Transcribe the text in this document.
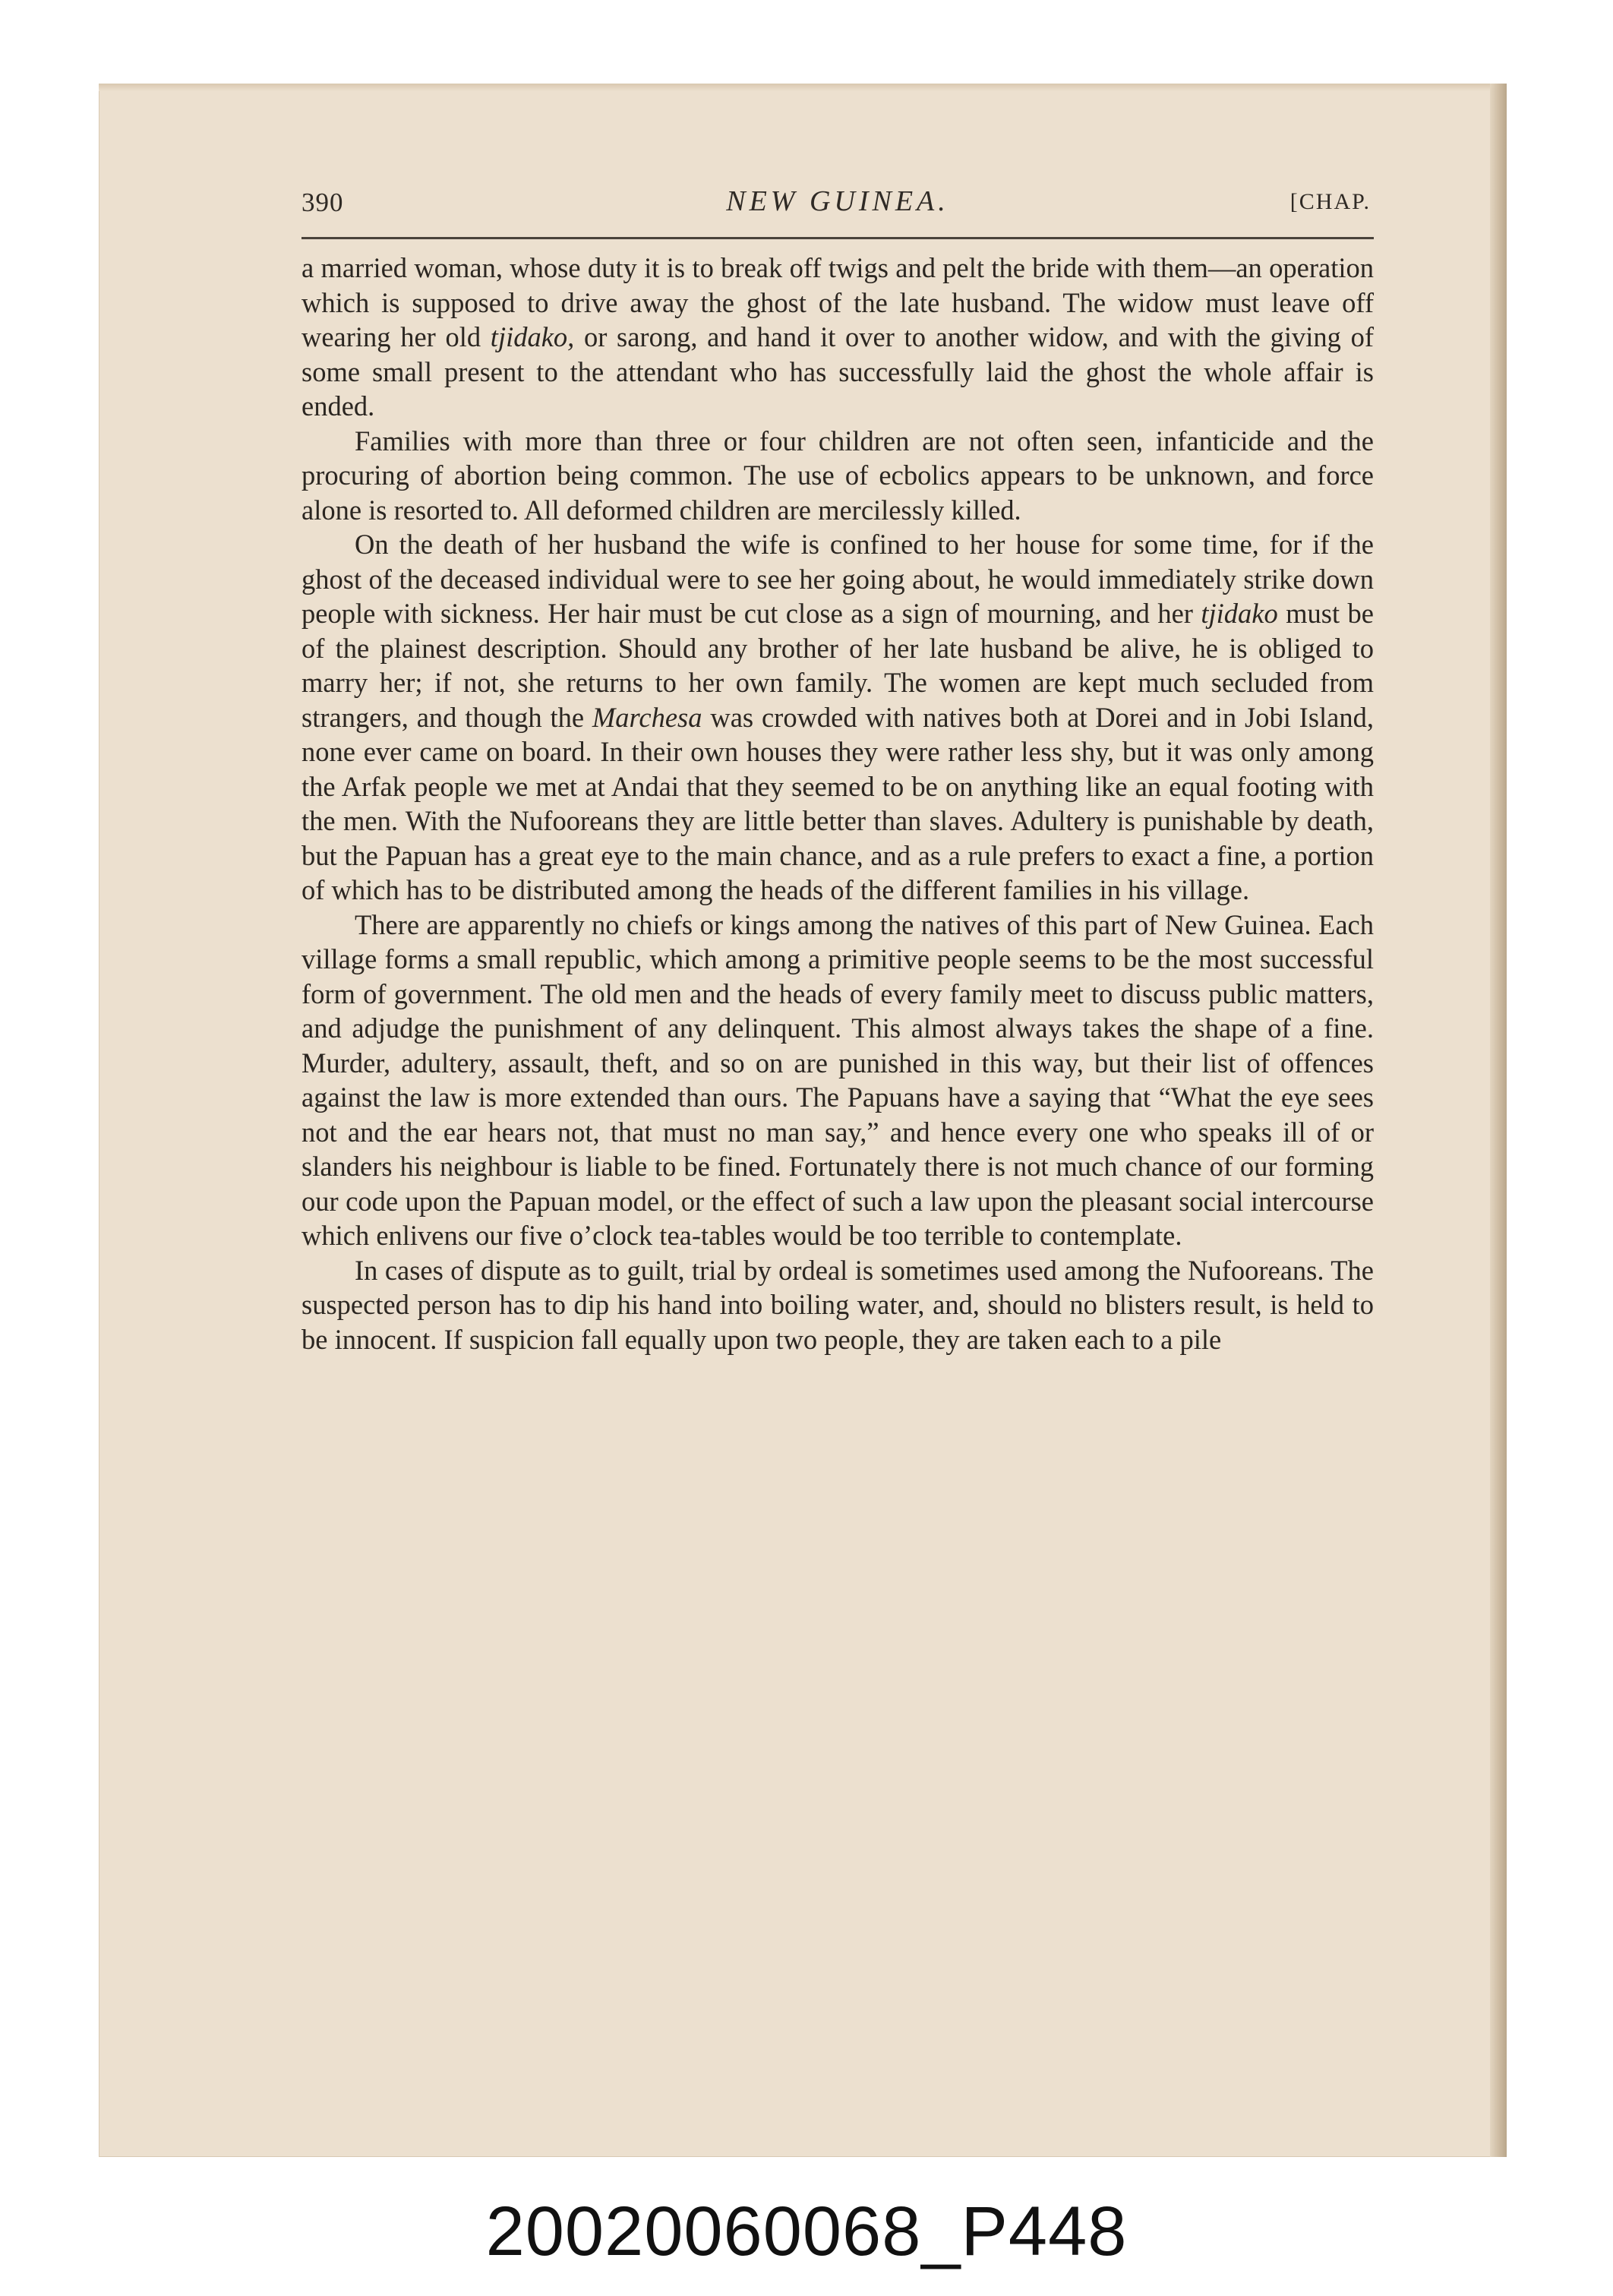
390	NEW GUINEA.	[CHAP.

a married woman, whose duty it is to break off twigs and pelt the bride with them—an operation which is supposed to drive away the ghost of the late husband. The widow must leave off wearing her old tjidako, or sarong, and hand it over to another widow, and with the giving of some small present to the attendant who has successfully laid the ghost the whole affair is ended.

Families with more than three or four children are not often seen, infanticide and the procuring of abortion being common. The use of ecbolics appears to be unknown, and force alone is resorted to. All deformed children are mercilessly killed.

On the death of her husband the wife is confined to her house for some time, for if the ghost of the deceased individual were to see her going about, he would immediately strike down people with sickness. Her hair must be cut close as a sign of mourning, and her tjidako must be of the plainest description. Should any brother of her late husband be alive, he is obliged to marry her; if not, she returns to her own family. The women are kept much secluded from strangers, and though the Marchesa was crowded with natives both at Dorei and in Jobi Island, none ever came on board. In their own houses they were rather less shy, but it was only among the Arfak people we met at Andai that they seemed to be on anything like an equal footing with the men. With the Nufooreans they are little better than slaves. Adultery is punishable by death, but the Papuan has a great eye to the main chance, and as a rule prefers to exact a fine, a portion of which has to be distributed among the heads of the different families in his village.

There are apparently no chiefs or kings among the natives of this part of New Guinea. Each village forms a small republic, which among a primitive people seems to be the most successful form of government. The old men and the heads of every family meet to discuss public matters, and adjudge the punishment of any delinquent. This almost always takes the shape of a fine. Murder, adultery, assault, theft, and so on are punished in this way, but their list of offences against the law is more extended than ours. The Papuans have a saying that “What the eye sees not and the ear hears not, that must no man say,” and hence every one who speaks ill of or slanders his neighbour is liable to be fined. Fortunately there is not much chance of our forming our code upon the Papuan model, or the effect of such a law upon the pleasant social intercourse which enlivens our five o’clock tea-tables would be too terrible to contemplate.

In cases of dispute as to guilt, trial by ordeal is sometimes used among the Nufooreans. The suspected person has to dip his hand into boiling water, and, should no blisters result, is held to be innocent. If suspicion fall equally upon two people, they are taken each to a pile

20020060068_P448
